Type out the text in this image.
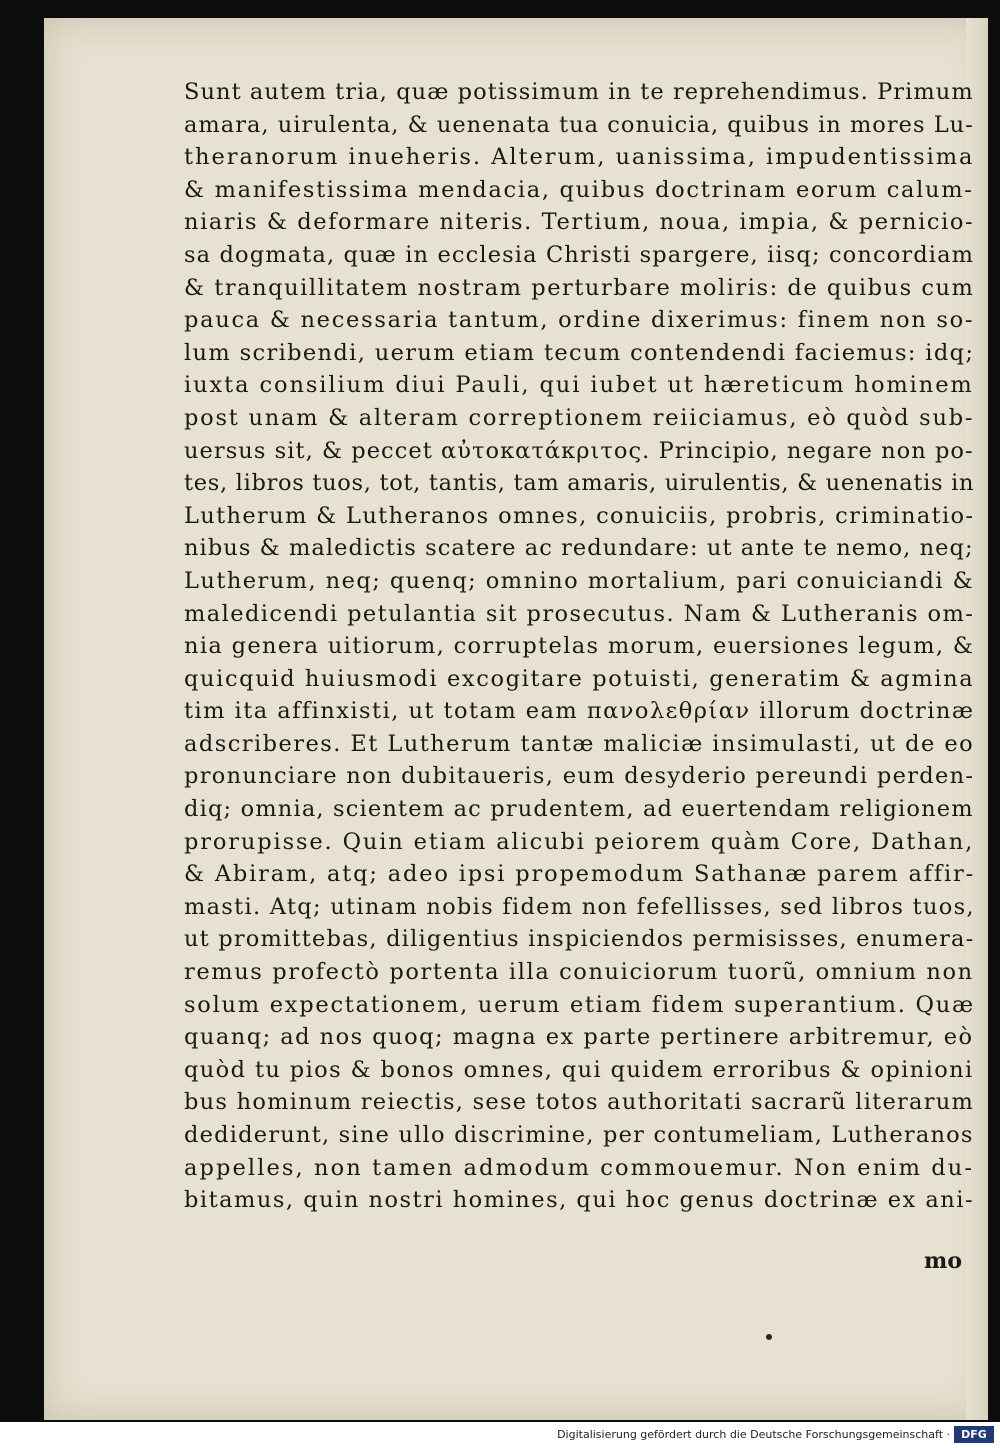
Sunt autem tria, quæ potissimum in te reprehendimus. Primum
amara, uirulenta, & uenenata tua conuicia, quibus in mores Lu-
theranorum inueheris. Alterum, uanissima, impudentissima
& manifestissima mendacia, quibus doctrinam eorum calum-
niaris & deformare niteris. Tertium, noua, impia, & pernicio-
sa dogmata, quæ in ecclesia Christi spargere, iisq; concordiam
& tranquillitatem nostram perturbare moliris: de quibus cum
pauca & necessaria tantum, ordine dixerimus: finem non so-
lum scribendi, uerum etiam tecum contendendi faciemus: idq;
iuxta consilium diui Pauli, qui iubet ut hæreticum hominem
post unam & alteram correptionem reiiciamus, eò quòd sub-
uersus sit, & peccet αὐτοκατάκριτος. Principio, negare non po-
tes, libros tuos, tot, tantis, tam amaris, uirulentis, & uenenatis in
Lutherum & Lutheranos omnes, conuiciis, probris, criminatio-
nibus & maledictis scatere ac redundare: ut ante te nemo, neq;
Lutherum, neq; quenq; omnino mortalium, pari conuiciandi &
maledicendi petulantia sit prosecutus. Nam & Lutheranis om-
nia genera uitiorum, corruptelas morum, euersiones legum, &
quicquid huiusmodi excogitare potuisti, generatim & agmina
tim ita affinxisti, ut totam eam πανολεθρίαν illorum doctrinæ
adscriberes. Et Lutherum tantæ maliciæ insimulasti, ut de eo
pronunciare non dubitaueris, eum desyderio pereundi perden-
diq; omnia, scientem ac prudentem, ad euertendam religionem
prorupisse. Quin etiam alicubi peiorem quàm Core, Dathan,
& Abiram, atq; adeo ipsi propemodum Sathanæ parem affir-
masti. Atq; utinam nobis fidem non fefellisses, sed libros tuos,
ut promittebas, diligentius inspiciendos permisisses, enumera-
remus profectò portenta illa conuiciorum tuorũ, omnium non
solum expectationem, uerum etiam fidem superantium. Quæ
quanq; ad nos quoq; magna ex parte pertinere arbitremur, eò
quòd tu pios & bonos omnes, qui quidem erroribus & opinioni
bus hominum reiectis, sese totos authoritati sacrarũ literarum
dediderunt, sine ullo discrimine, per contumeliam, Lutheranos
appelles, non tamen admodum commouemur. Non enim du-
bitamus, quin nostri homines, qui hoc genus doctrinæ ex ani-
mo
Digitalisierung gefördert durch die Deutsche Forschungsgemeinschaft ·	DFG
